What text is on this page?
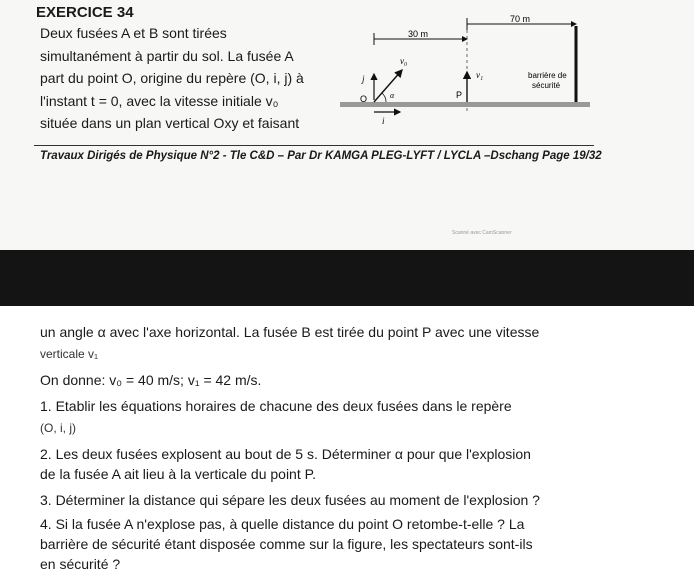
EXERCICE 34
Deux fusées A et B sont tirées
simultanément à partir du sol. La fusée A
part du point O, origine du repère (O, i, j) à
l'instant t = 0, avec la vitesse initiale v₀
située dans un plan vertical Oxy et faisant
70 m
30 m
barrière de
sécurité
j
i
O
v₀
α
v₁
P
Travaux Dirigés de Physique N°2 - Tle C&D – Par Dr KAMGA PLEG-LYFT / LYCLA –Dschang Page 19/32
Scanné avec CamScanner
un angle α avec l'axe horizontal. La fusée B est tirée du point P avec une vitesse
verticale v₁
On donne: v₀ = 40 m/s; v₁ = 42 m/s.
1. Etablir les équations horaires de chacune des deux fusées dans le repère
(O, i, j)
2. Les deux fusées explosent au bout de 5 s. Déterminer α pour que l'explosion
de la fusée A ait lieu à la verticale du point P.
3. Déterminer la distance qui sépare les deux fusées au moment de l'explosion ?
4. Si la fusée A n'explose pas, à quelle distance du point O retombe-t-elle ? La
barrière de sécurité étant disposée comme sur la figure, les spectateurs sont-ils
en sécurité ?
